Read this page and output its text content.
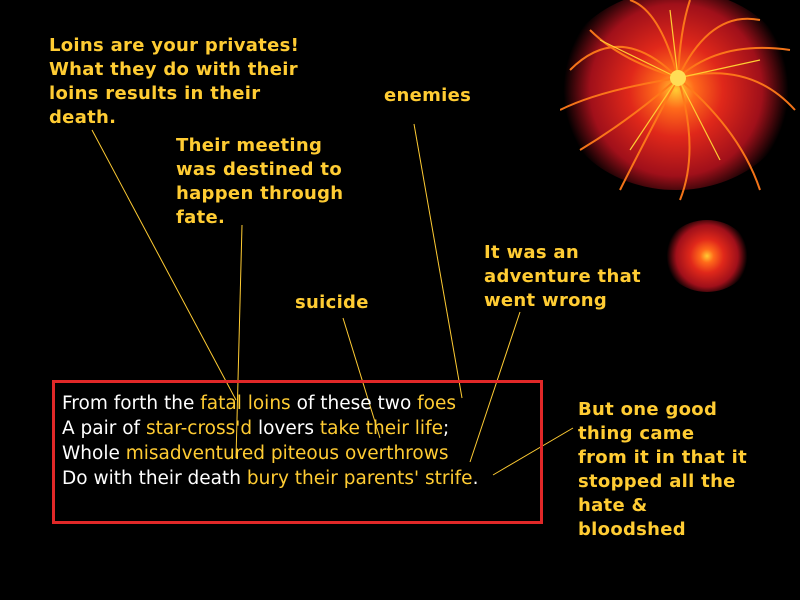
Loins are your privates!
What they do with their
loins results in their
death.
Their meeting
was destined to
happen through
fate.
enemies
It was an
adventure that
went wrong
suicide
But one good
thing came
from it in that it
stopped all the
hate &
bloodshed
From forth the fatal loins of these two foes
A pair of star-cross'd lovers take their life;
Whole misadventured piteous overthrows
Do with their death bury their parents' strife.
